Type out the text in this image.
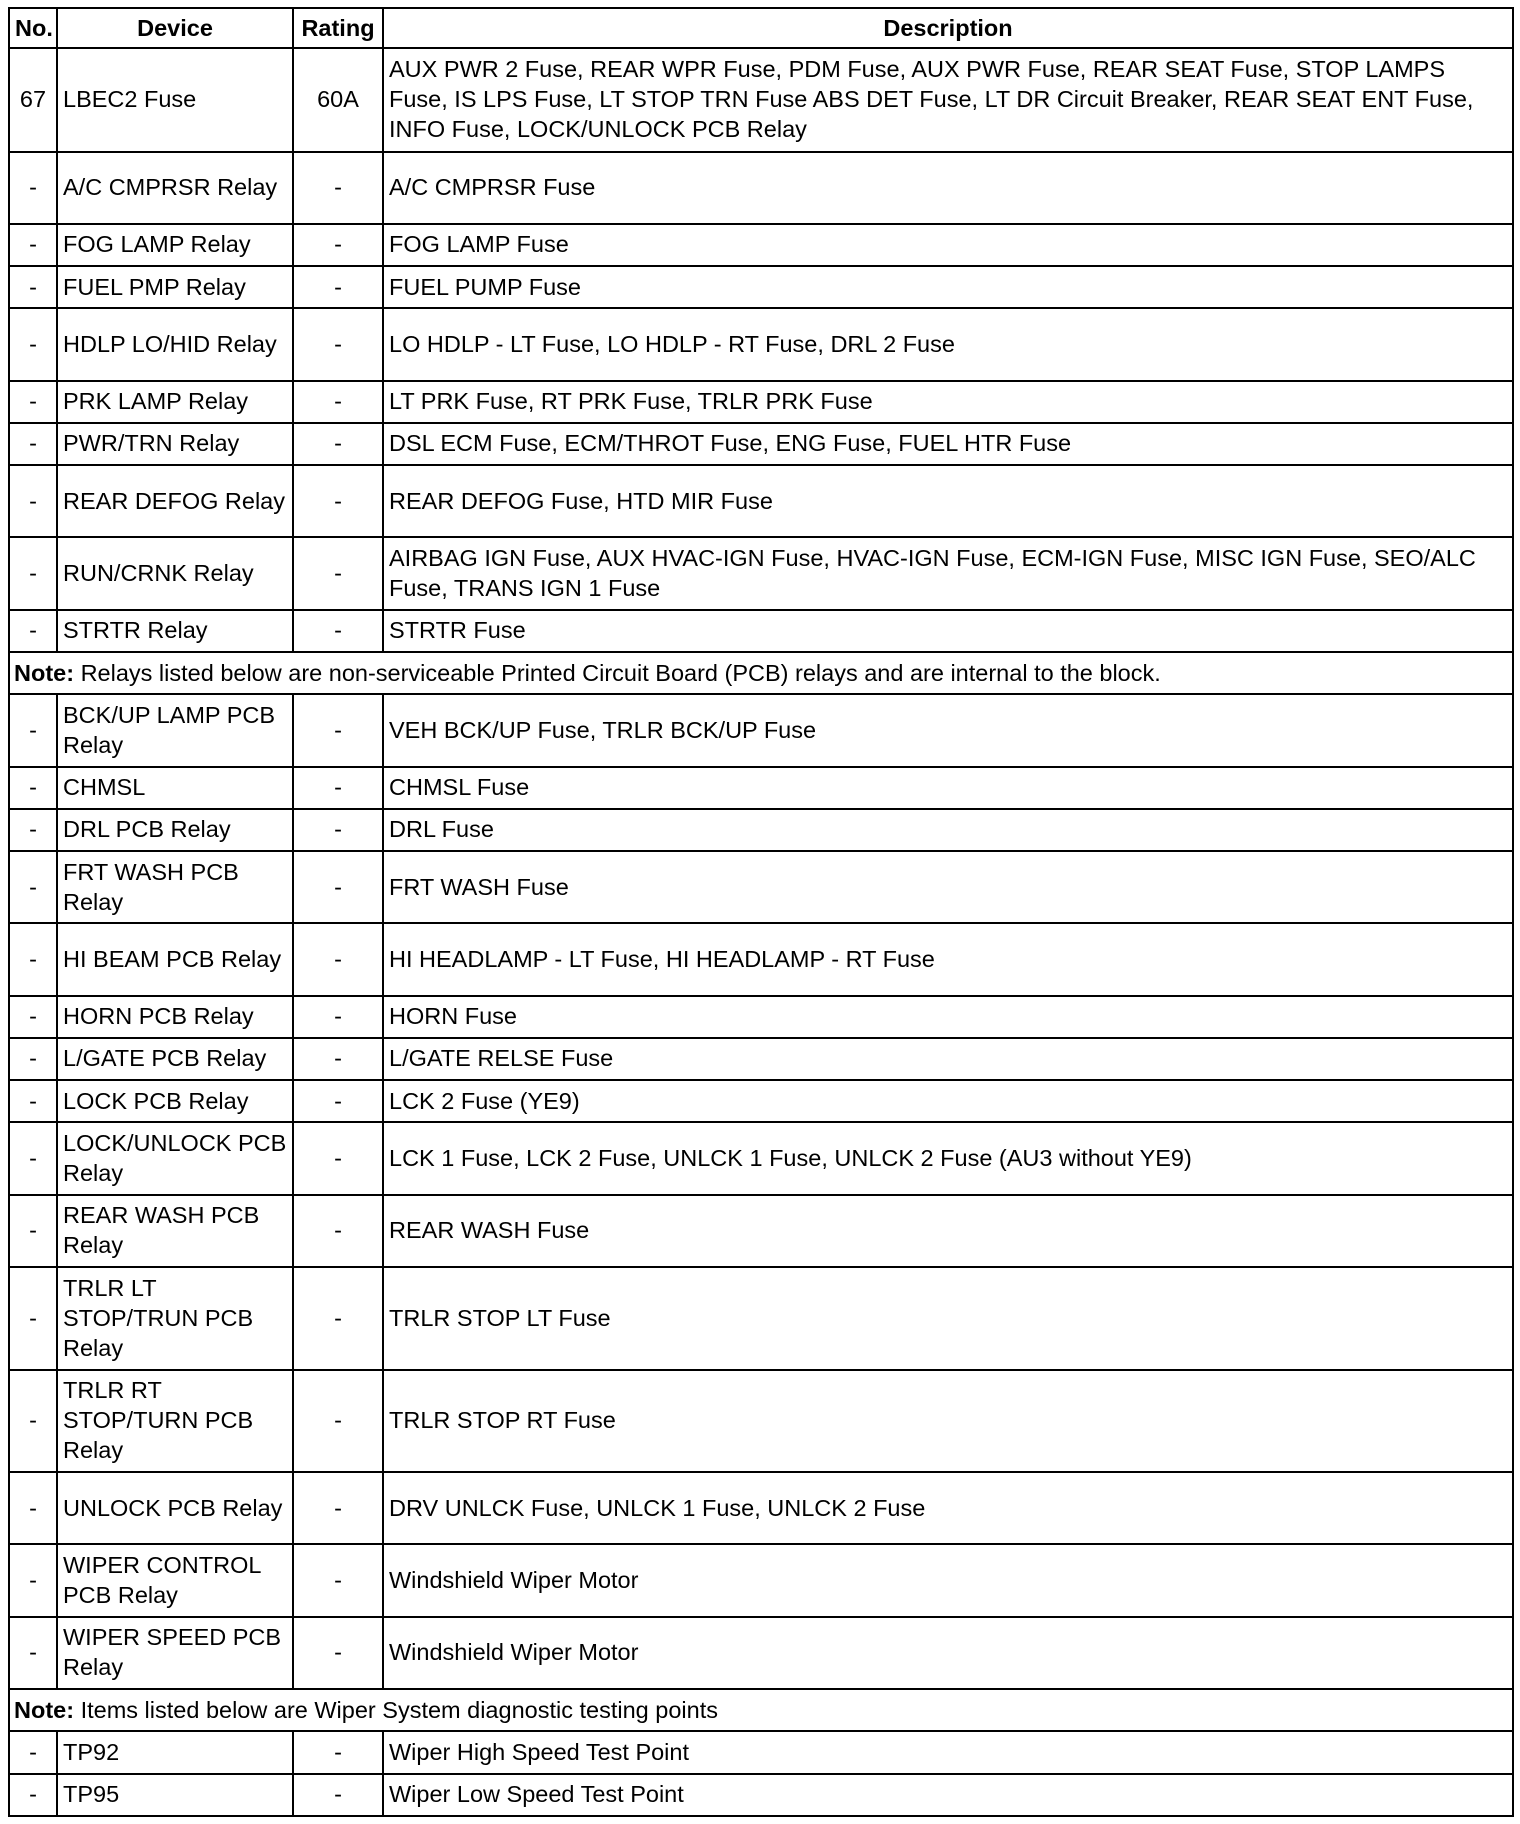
No.	Device	Rating	Description
67	LBEC2 Fuse	60A	AUX PWR 2 Fuse, REAR WPR Fuse, PDM Fuse, AUX PWR Fuse, REAR SEAT Fuse, STOP LAMPS Fuse, IS LPS Fuse, LT STOP TRN Fuse ABS DET Fuse, LT DR Circuit Breaker, REAR SEAT ENT Fuse, INFO Fuse, LOCK/UNLOCK PCB Relay
-	A/C CMPRSR Relay	-	A/C CMPRSR Fuse
-	FOG LAMP Relay	-	FOG LAMP Fuse
-	FUEL PMP Relay	-	FUEL PUMP Fuse
-	HDLP LO/HID Relay	-	LO HDLP - LT Fuse, LO HDLP - RT Fuse, DRL 2 Fuse
-	PRK LAMP Relay	-	LT PRK Fuse, RT PRK Fuse, TRLR PRK Fuse
-	PWR/TRN Relay	-	DSL ECM Fuse, ECM/THROT Fuse, ENG Fuse, FUEL HTR Fuse
-	REAR DEFOG Relay	-	REAR DEFOG Fuse, HTD MIR Fuse
-	RUN/CRNK Relay	-	AIRBAG IGN Fuse, AUX HVAC-IGN Fuse, HVAC-IGN Fuse, ECM-IGN Fuse, MISC IGN Fuse, SEO/ALC Fuse, TRANS IGN 1 Fuse
-	STRTR Relay	-	STRTR Fuse
Note: Relays listed below are non-serviceable Printed Circuit Board (PCB) relays and are internal to the block.			
-	BCK/UP LAMP PCB Relay	-	VEH BCK/UP Fuse, TRLR BCK/UP Fuse
-	CHMSL	-	CHMSL Fuse
-	DRL PCB Relay	-	DRL Fuse
-	FRT WASH PCB Relay	-	FRT WASH Fuse
-	HI BEAM PCB Relay	-	HI HEADLAMP - LT Fuse, HI HEADLAMP - RT Fuse
-	HORN PCB Relay	-	HORN Fuse
-	L/GATE PCB Relay	-	L/GATE RELSE Fuse
-	LOCK PCB Relay	-	LCK 2 Fuse (YE9)
-	LOCK/UNLOCK PCB Relay	-	LCK 1 Fuse, LCK 2 Fuse, UNLCK 1 Fuse, UNLCK 2 Fuse (AU3 without YE9)
-	REAR WASH PCB Relay	-	REAR WASH Fuse
-	TRLR LT STOP/TRUN PCB Relay	-	TRLR STOP LT Fuse
-	TRLR RT STOP/TURN PCB Relay	-	TRLR STOP RT Fuse
-	UNLOCK PCB Relay	-	DRV UNLCK Fuse, UNLCK 1 Fuse, UNLCK 2 Fuse
-	WIPER CONTROL PCB Relay	-	Windshield Wiper Motor
-	WIPER SPEED PCB Relay	-	Windshield Wiper Motor
Note: Items listed below are Wiper System diagnostic testing points			
-	TP92	-	Wiper High Speed Test Point
-	TP95	-	Wiper Low Speed Test Point
